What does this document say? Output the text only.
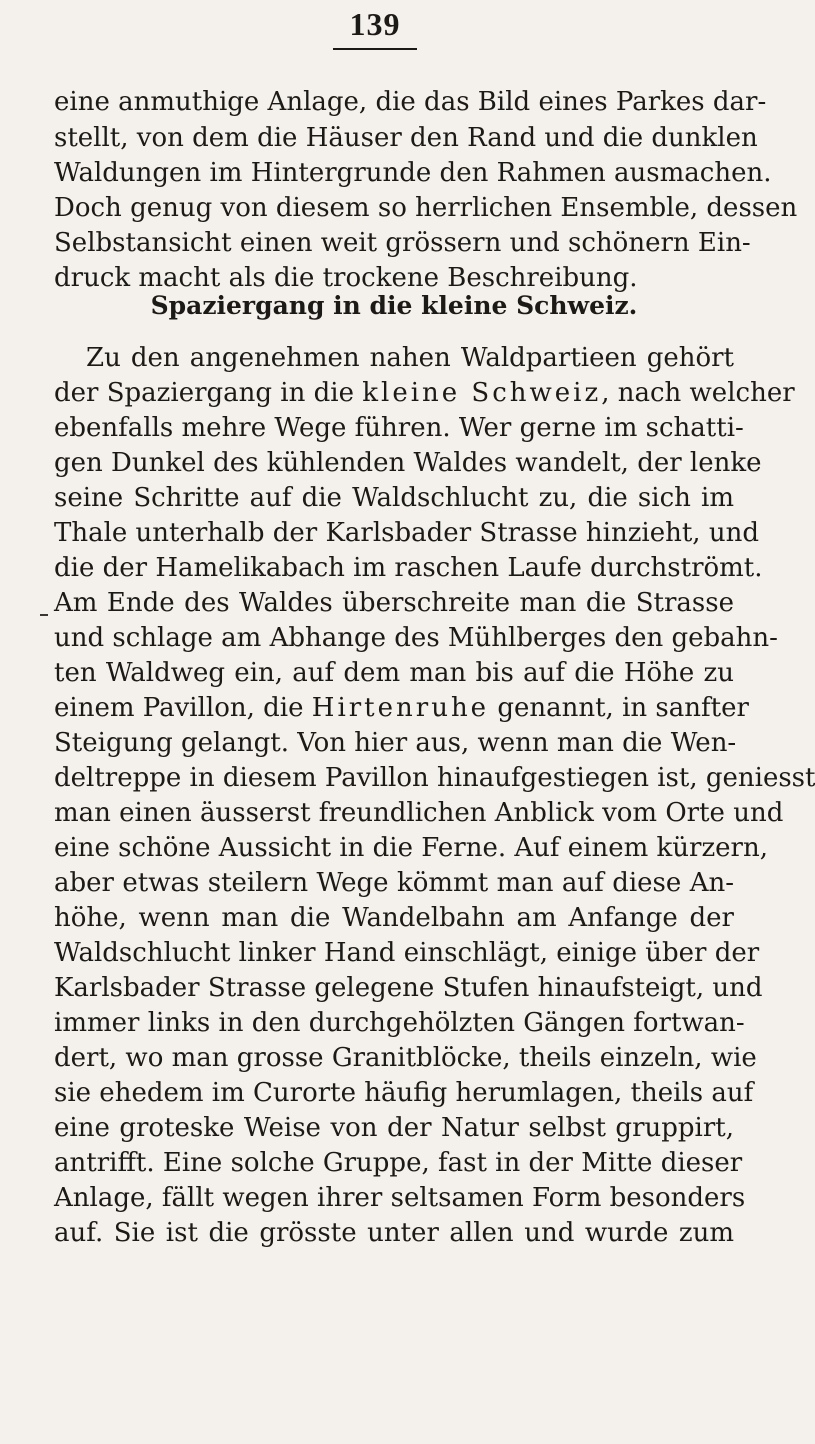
139
eine anmuthige Anlage, die das Bild eines Parkes dar-
stellt, von dem die Häuser den Rand und die dunklen
Waldungen im Hintergrunde den Rahmen ausmachen.
Doch genug von diesem so herrlichen Ensemble, dessen
Selbstansicht einen weit grössern und schönern Ein-
druck macht als die trockene Beschreibung.
Spaziergang in die kleine Schweiz.
Zu den angenehmen nahen Waldpartieen gehört
der Spaziergang in die kleine Schweiz, nach welcher
ebenfalls mehre Wege führen. Wer gerne im schatti-
gen Dunkel des kühlenden Waldes wandelt, der lenke
seine Schritte auf die Waldschlucht zu, die sich im
Thale unterhalb der Karlsbader Strasse hinzieht, und
die der Hamelikabach im raschen Laufe durchströmt.
Am Ende des Waldes überschreite man die Strasse
und schlage am Abhange des Mühlberges den gebahn-
ten Waldweg ein, auf dem man bis auf die Höhe zu
einem Pavillon, die Hirtenruhe genannt, in sanfter
Steigung gelangt. Von hier aus, wenn man die Wen-
deltreppe in diesem Pavillon hinaufgestiegen ist, geniesst
man einen äusserst freundlichen Anblick vom Orte und
eine schöne Aussicht in die Ferne. Auf einem kürzern,
aber etwas steilern Wege kömmt man auf diese An-
höhe, wenn man die Wandelbahn am Anfange der
Waldschlucht linker Hand einschlägt, einige über der
Karlsbader Strasse gelegene Stufen hinaufsteigt, und
immer links in den durchgehölzten Gängen fortwan-
dert, wo man grosse Granitblöcke, theils einzeln, wie
sie ehedem im Curorte häufig herumlagen, theils auf
eine groteske Weise von der Natur selbst gruppirt,
antrifft. Eine solche Gruppe, fast in der Mitte dieser
Anlage, fällt wegen ihrer seltsamen Form besonders
auf. Sie ist die grösste unter allen und wurde zum
